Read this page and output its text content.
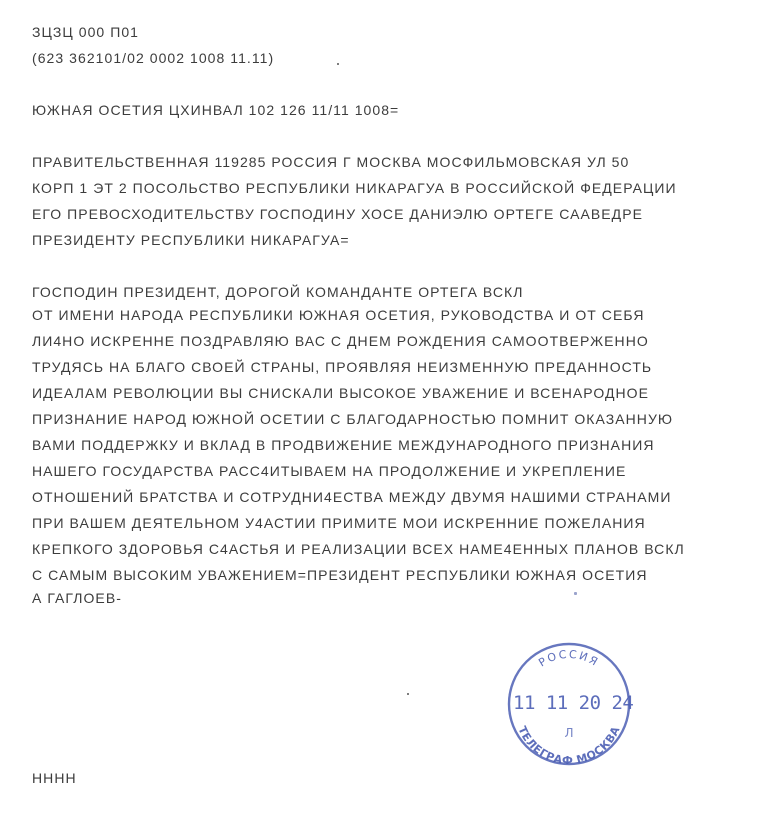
ЗЦЗЦ 000 П01
(623 362101/02 0002 1008 11.11)
ЮЖНАЯ ОСЕТИЯ ЦХИНВАЛ 102 126 11/11 1008=
ПРАВИТЕЛЬСТВЕННАЯ 119285 РОССИЯ Г МОСКВА МОСФИЛЬМОВСКАЯ УЛ 50
КОРП 1 ЭТ 2 ПОСОЛЬСТВО РЕСПУБЛИКИ НИКАРАГУА В РОССИЙСКОЙ ФЕДЕРАЦИИ
ЕГО ПРЕВОСХОДИТЕЛЬСТВУ ГОСПОДИНУ ХОСЕ ДАНИЭЛЮ ОРТЕГЕ СААВЕДРЕ
ПРЕЗИДЕНТУ РЕСПУБЛИКИ НИКАРАГУА=
ГОСПОДИН ПРЕЗИДЕНТ, ДОРОГОЙ КОМАНДАНТЕ ОРТЕГА ВСКЛ
ОТ ИМЕНИ НАРОДА РЕСПУБЛИКИ ЮЖНАЯ ОСЕТИЯ, РУКОВОДСТВА И ОТ СЕБЯ
ЛИ4НО ИСКРЕННЕ ПОЗДРАВЛЯЮ ВАС С ДНЕМ РОЖДЕНИЯ САМООТВЕРЖЕННО
ТРУДЯСЬ НА БЛАГО СВОЕЙ СТРАНЫ, ПРОЯВЛЯЯ НЕИЗМЕННУЮ ПРЕДАННОСТЬ
ИДЕАЛАМ РЕВОЛЮЦИИ ВЫ СНИСКАЛИ ВЫСОКОЕ УВАЖЕНИЕ И ВСЕНАРОДНОЕ
ПРИЗНАНИЕ НАРОД ЮЖНОЙ ОСЕТИИ С БЛАГОДАРНОСТЬЮ ПОМНИТ ОКАЗАННУЮ
ВАМИ ПОДДЕРЖКУ И ВКЛАД В ПРОДВИЖЕНИЕ МЕЖДУНАРОДНОГО ПРИЗНАНИЯ
НАШЕГО ГОСУДАРСТВА РАСС4ИТЫВАЕМ НА ПРОДОЛЖЕНИЕ И УКРЕПЛЕНИЕ
ОТНОШЕНИЙ БРАТСТВА И СОТРУДНИ4ЕСТВА МЕЖДУ ДВУМЯ НАШИМИ СТРАНАМИ
ПРИ ВАШЕМ ДЕЯТЕЛЬНОМ У4АСТИИ ПРИМИТЕ МОИ ИСКРЕННИЕ ПОЖЕЛАНИЯ
КРЕПКОГО ЗДОРОВЬЯ С4АСТЬЯ И РЕАЛИЗАЦИИ ВСЕХ НАМЕ4ЕННЫХ ПЛАНОВ ВСКЛ
С САМЫМ ВЫСОКИМ УВАЖЕНИЕМ=ПРЕЗИДЕНТ РЕСПУБЛИКИ ЮЖНАЯ ОСЕТИЯ
А ГАГЛОЕВ-
НННН
РОССИЯ
ТЕЛЕГРАФ МОСКВА
11 11 20 24
Л
